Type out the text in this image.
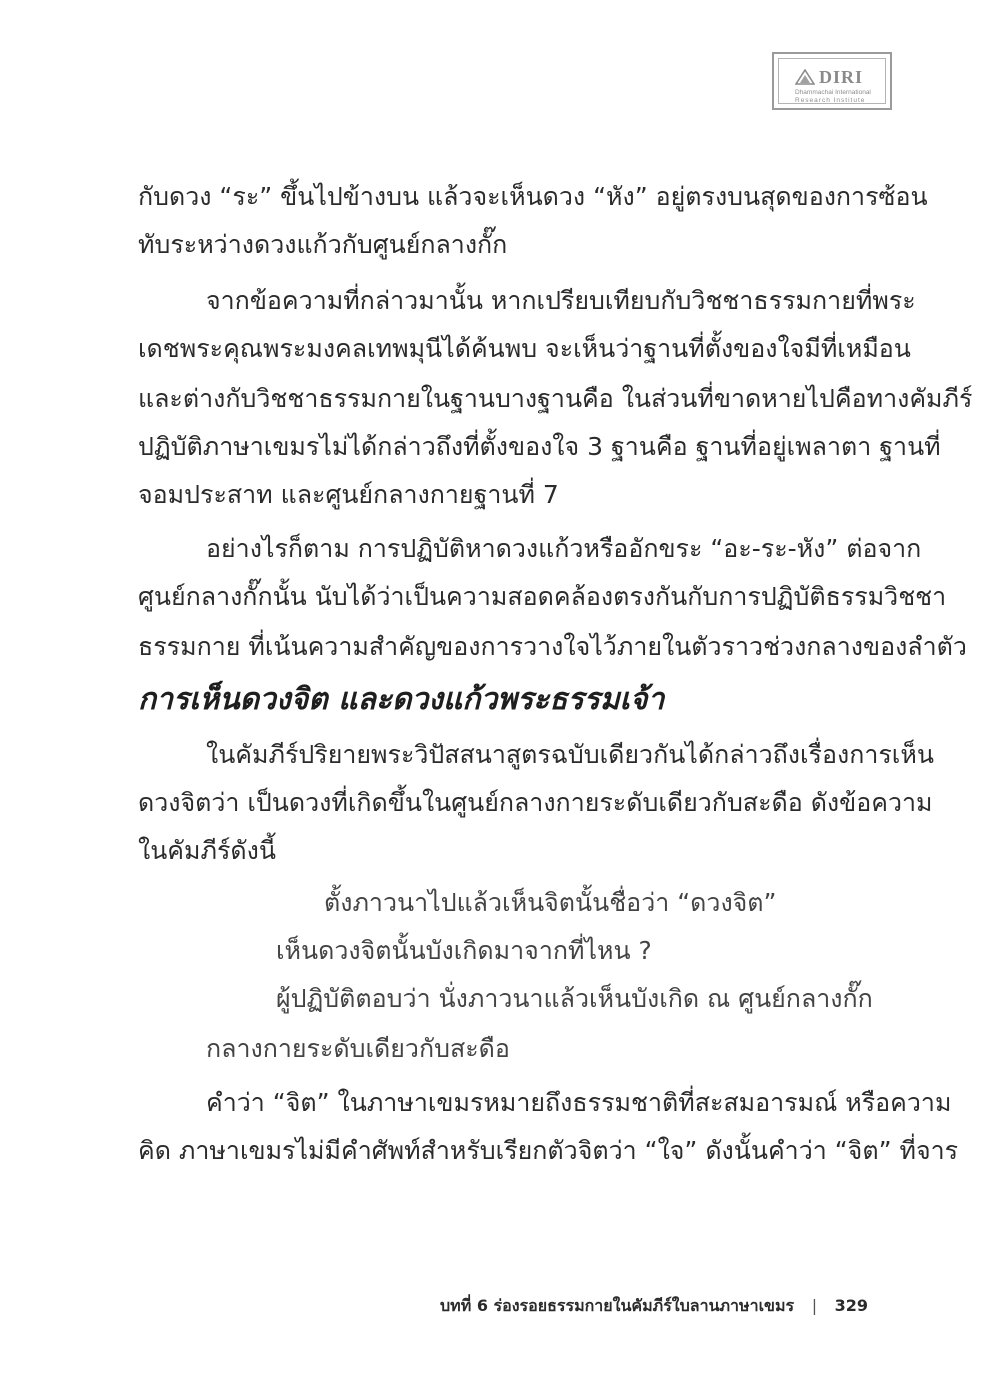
DIRI
Dhammachai International
Research Institute
กับดวง “ระ” ขึ้นไปข้างบน แล้วจะเห็นดวง “หัง” อยู่ตรงบนสุดของการซ้อน
ทับระหว่างดวงแก้วกับศูนย์กลางกั๊ก
จากข้อความที่กล่าวมานั้น หากเปรียบเทียบกับวิชชาธรรมกายที่พระ
เดชพระคุณพระมงคลเทพมุนีได้ค้นพบ จะเห็นว่าฐานที่ตั้งของใจมีที่เหมือน
และต่างกับวิชชาธรรมกายในฐานบางฐานคือ ในส่วนที่ขาดหายไปคือทางคัมภีร์
ปฏิบัติภาษาเขมรไม่ได้กล่าวถึงที่ตั้งของใจ 3 ฐานคือ ฐานที่อยู่เพลาตา ฐานที่
จอมประสาท และศูนย์กลางกายฐานที่ 7
อย่างไรก็ตาม การปฏิบัติหาดวงแก้วหรืออักขระ “อะ-ระ-หัง” ต่อจาก
ศูนย์กลางกั๊กนั้น นับได้ว่าเป็นความสอดคล้องตรงกันกับการปฏิบัติธรรมวิชชา
ธรรมกาย ที่เน้นความสำคัญของการวางใจไว้ภายในตัวราวช่วงกลางของลำตัว
การเห็นดวงจิต และดวงแก้วพระธรรมเจ้า
ในคัมภีร์ปริยายพระวิปัสสนาสูตรฉบับเดียวกันได้กล่าวถึงเรื่องการเห็น
ดวงจิตว่า เป็นดวงที่เกิดขึ้นในศูนย์กลางกายระดับเดียวกับสะดือ ดังข้อความ
ในคัมภีร์ดังนี้
ตั้งภาวนาไปแล้วเห็นจิตนั้นชื่อว่า “ดวงจิต”
เห็นดวงจิตนั้นบังเกิดมาจากที่ไหน ?
ผู้ปฏิบัติตอบว่า นั่งภาวนาแล้วเห็นบังเกิด ณ ศูนย์กลางกั๊ก
กลางกายระดับเดียวกับสะดือ
คำว่า “จิต” ในภาษาเขมรหมายถึงธรรมชาติที่สะสมอารมณ์ หรือความ
คิด ภาษาเขมรไม่มีคำศัพท์สำหรับเรียกตัวจิตว่า “ใจ” ดังนั้นคำว่า “จิต” ที่จาร
บทที่ 6 ร่องรอยธรรมกายในคัมภีร์ใบลานภาษาเขมร | 329
